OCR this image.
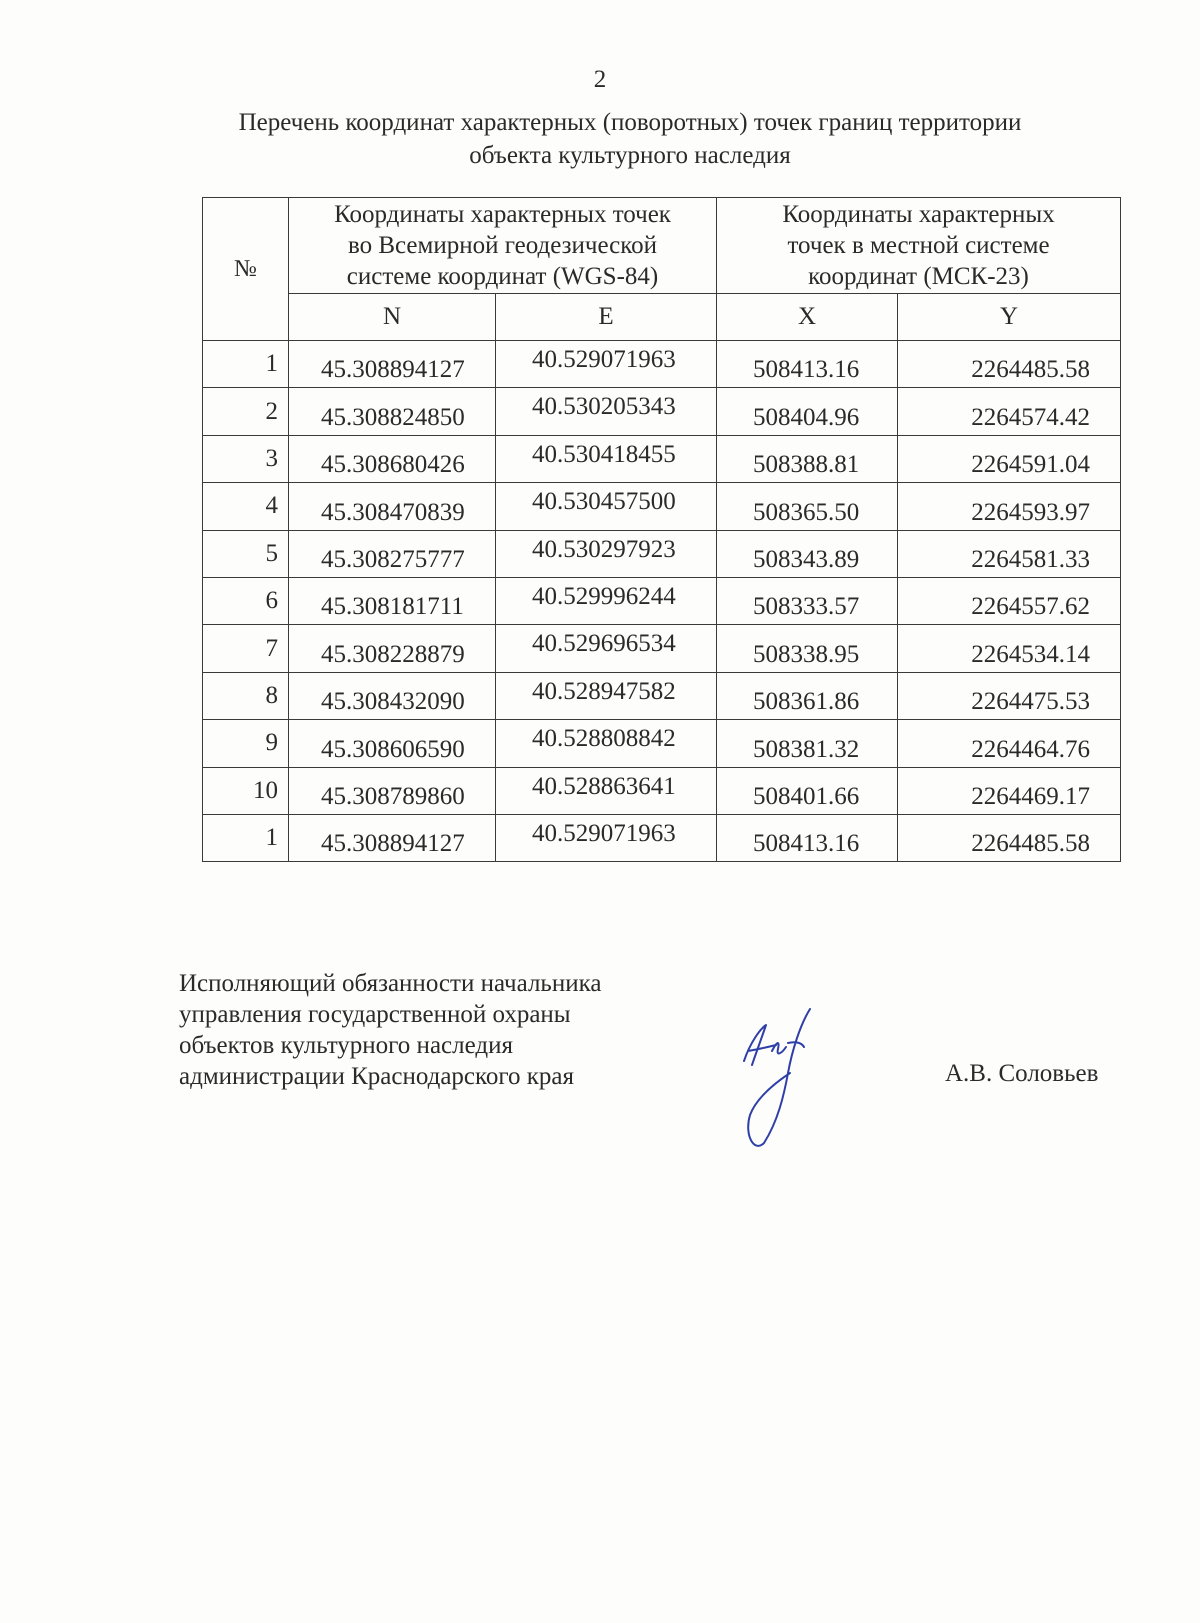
2
Перечень координат характерных (поворотных) точек границ территории
объекта культурного наследия
№	Координаты характерных точек
во Всемирной геодезической
системе координат (WGS-84)		Координаты характерных
точек в местной системе
координат (МСК-23)	

	N	E	X	Y
1	45.308894127	40.529071963	508413.16	2264485.58
2	45.308824850	40.530205343	508404.96	2264574.42
3	45.308680426	40.530418455	508388.81	2264591.04
4	45.308470839	40.530457500	508365.50	2264593.97
5	45.308275777	40.530297923	508343.89	2264581.33
6	45.308181711	40.529996244	508333.57	2264557.62
7	45.308228879	40.529696534	508338.95	2264534.14
8	45.308432090	40.528947582	508361.86	2264475.53
9	45.308606590	40.528808842	508381.32	2264464.76
10	45.308789860	40.528863641	508401.66	2264469.17
1	45.308894127	40.529071963	508413.16	2264485.58
Исполняющий обязанности начальника
управления государственной охраны
объектов культурного наследия
администрации Краснодарского края	А.В. Соловьев
